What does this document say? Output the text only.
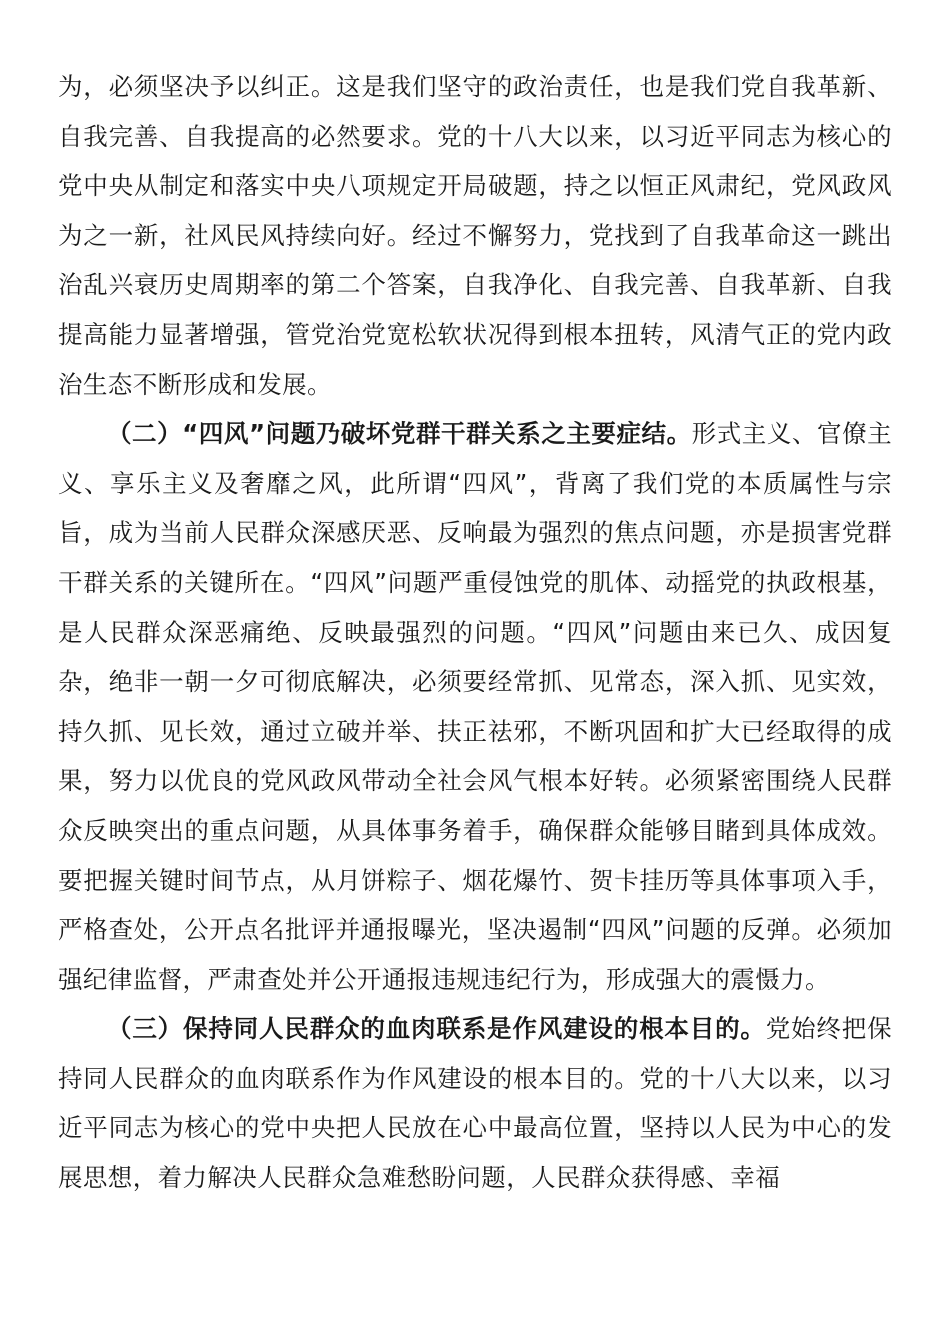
为，必须坚决予以纠正。这是我们坚守的政治责任，也是我们党自我革新、自我完善、自我提高的必然要求。党的十八大以来，以习近平同志为核心的党中央从制定和落实中央八项规定开局破题，持之以恒正风肃纪，党风政风为之一新，社风民风持续向好。经过不懈努力，党找到了自我革命这一跳出治乱兴衰历史周期率的第二个答案，自我净化、自我完善、自我革新、自我提高能力显著增强，管党治党宽松软状况得到根本扭转，风清气正的党内政治生态不断形成和发展。

（二）“四风”问题乃破坏党群干群关系之主要症结。形式主义、官僚主义、享乐主义及奢靡之风，此所谓“四风”，背离了我们党的本质属性与宗旨，成为当前人民群众深感厌恶、反响最为强烈的焦点问题，亦是损害党群干群关系的关键所在。“四风”问题严重侵蚀党的肌体、动摇党的执政根基，是人民群众深恶痛绝、反映最强烈的问题。“四风”问题由来已久、成因复杂，绝非一朝一夕可彻底解决，必须要经常抓、见常态，深入抓、见实效，持久抓、见长效，通过立破并举、扶正祛邪，不断巩固和扩大已经取得的成果，努力以优良的党风政风带动全社会风气根本好转。必须紧密围绕人民群众反映突出的重点问题，从具体事务着手，确保群众能够目睹到具体成效。要把握关键时间节点，从月饼粽子、烟花爆竹、贺卡挂历等具体事项入手，严格查处，公开点名批评并通报曝光，坚决遏制“四风”问题的反弹。必须加强纪律监督，严肃查处并公开通报违规违纪行为，形成强大的震慑力。

（三）保持同人民群众的血肉联系是作风建设的根本目的。党始终把保持同人民群众的血肉联系作为作风建设的根本目的。党的十八大以来，以习近平同志为核心的党中央把人民放在心中最高位置，坚持以人民为中心的发展思想，着力解决人民群众急难愁盼问题，人民群众获得感、幸福
